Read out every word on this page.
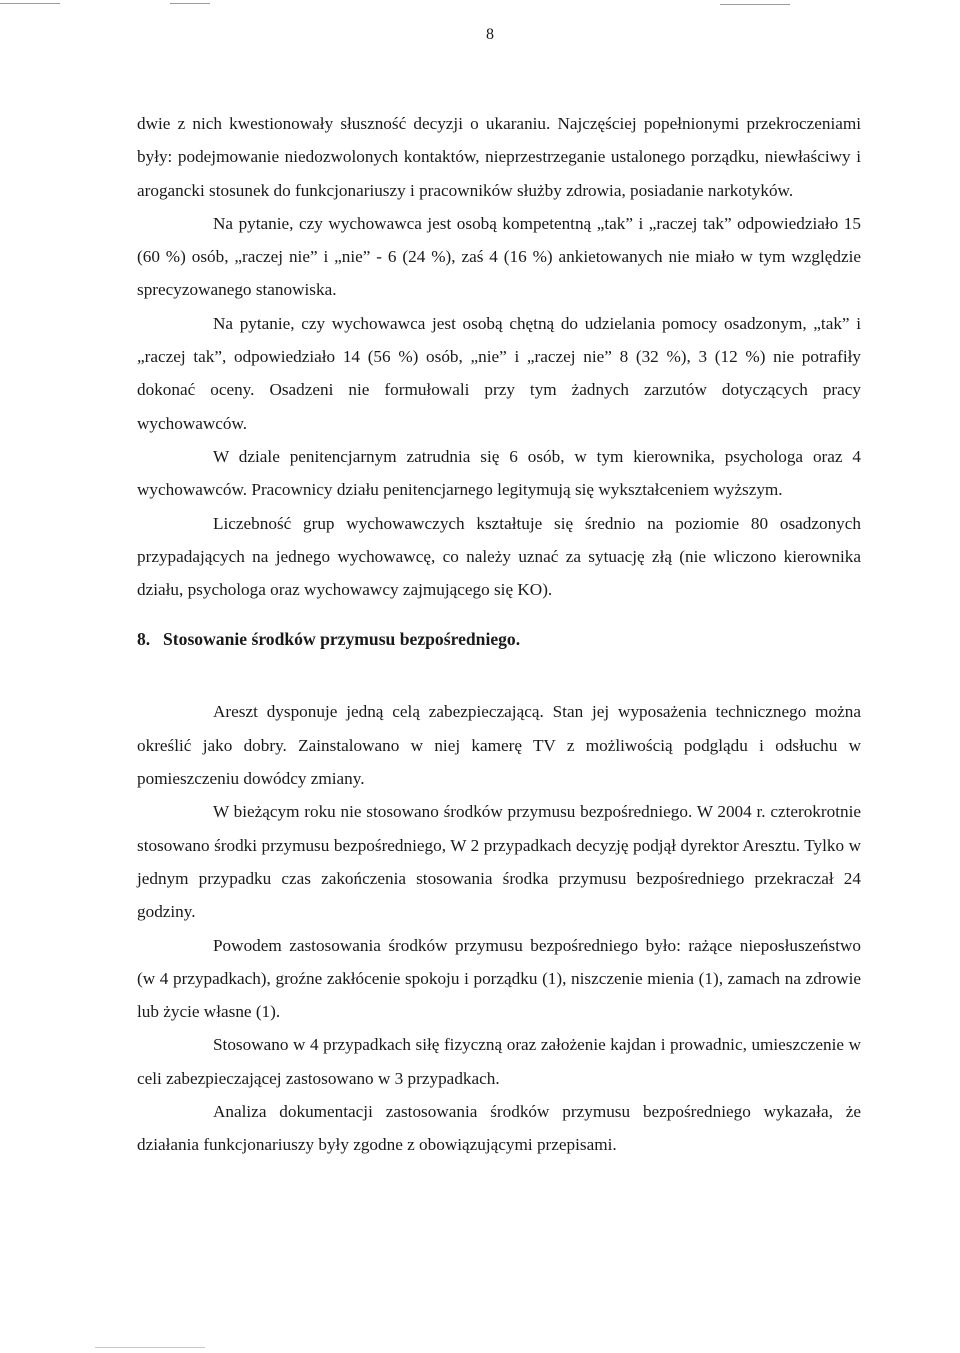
8

dwie z nich kwestionowały słuszność decyzji o ukaraniu. Najczęściej popełnionymi przekroczeniami były: podejmowanie niedozwolonych kontaktów, nieprzestrzeganie ustalonego porządku, niewłaściwy i arogancki stosunek do funkcjonariuszy i pracowników służby zdrowia, posiadanie narkotyków.

Na pytanie, czy wychowawca jest osobą kompetentną „tak” i „raczej tak” odpowiedziało 15 (60 %) osób, „raczej nie” i „nie” - 6 (24 %), zaś 4 (16 %) ankietowanych nie miało w tym względzie sprecyzowanego stanowiska.

Na pytanie, czy wychowawca jest osobą chętną do udzielania pomocy osadzonym, „tak” i „raczej tak”, odpowiedziało 14 (56 %) osób, „nie” i „raczej nie” 8 (32 %), 3 (12 %) nie potrafiły dokonać oceny. Osadzeni nie formułowali przy tym żadnych zarzutów dotyczących pracy wychowawców.

W dziale penitencjarnym zatrudnia się 6 osób, w tym kierownika, psychologa oraz 4 wychowawców. Pracownicy działu penitencjarnego legitymują się wykształceniem wyższym.

Liczebność grup wychowawczych kształtuje się średnio na poziomie 80 osadzonych przypadających na jednego wychowawcę, co należy uznać za sytuację złą (nie wliczono kierownika działu, psychologa oraz wychowawcy zajmującego się KO).

8. Stosowanie środków przymusu bezpośredniego.

Areszt dysponuje jedną celą zabezpieczającą. Stan jej wyposażenia technicznego można określić jako dobry. Zainstalowano w niej kamerę TV z możliwością podglądu i odsłuchu w pomieszczeniu dowódcy zmiany.

W bieżącym roku nie stosowano środków przymusu bezpośredniego. W 2004 r. czterokrotnie stosowano środki przymusu bezpośredniego, W 2 przypadkach decyzję podjął dyrektor Aresztu. Tylko w jednym przypadku czas zakończenia stosowania środka przymusu bezpośredniego przekraczał 24 godziny.

Powodem zastosowania środków przymusu bezpośredniego było: rażące nieposłuszeństwo (w 4 przypadkach), groźne zakłócenie spokoju i porządku (1), niszczenie mienia (1), zamach na zdrowie lub życie własne (1).

Stosowano w 4 przypadkach siłę fizyczną oraz założenie kajdan i prowadnic, umieszczenie w celi zabezpieczającej zastosowano w 3 przypadkach.

Analiza dokumentacji zastosowania środków przymusu bezpośredniego wykazała, że działania funkcjonariuszy były zgodne z obowiązującymi przepisami.
